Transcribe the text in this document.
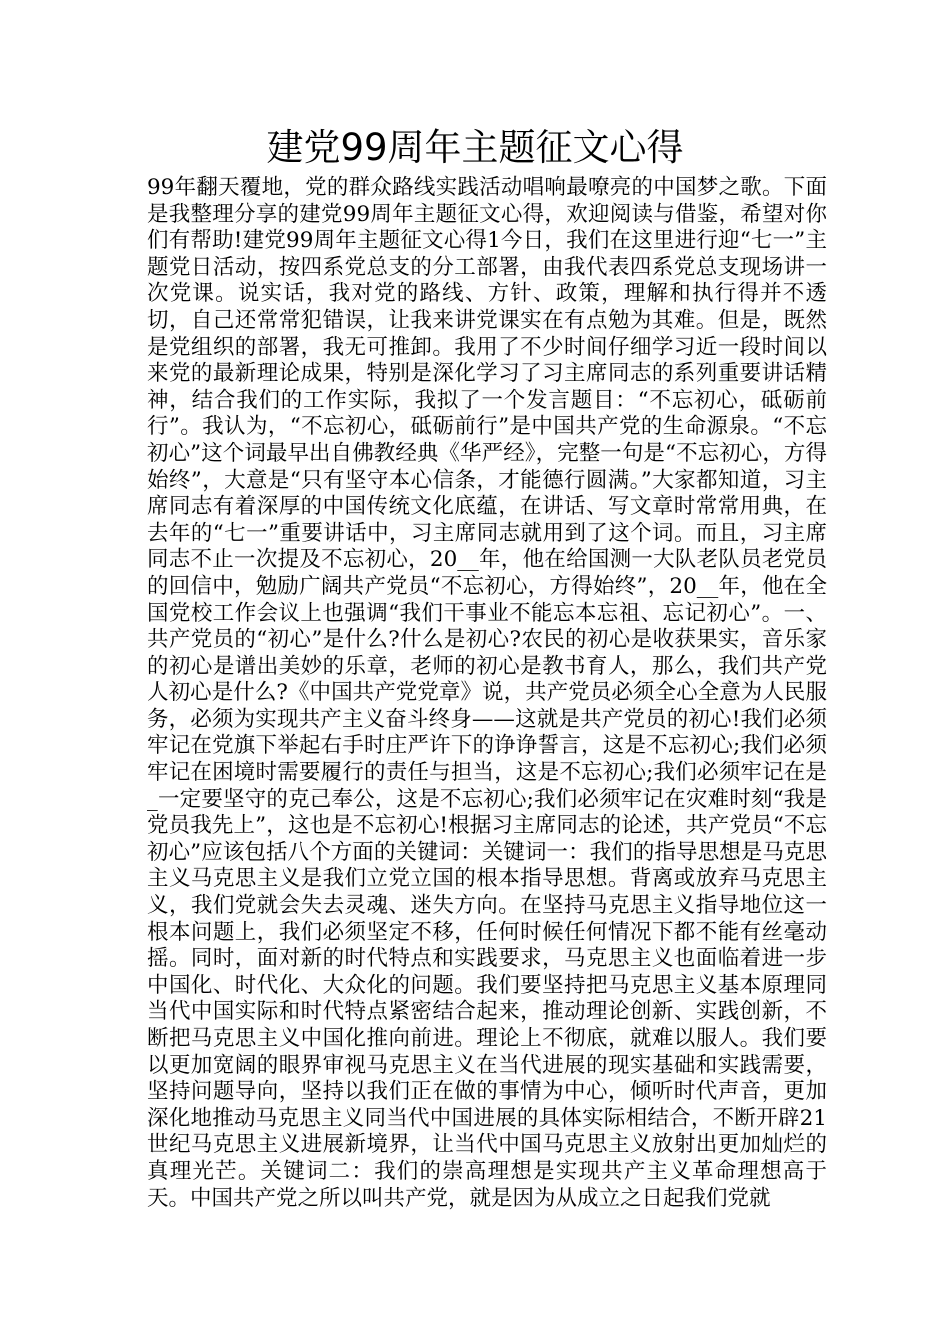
建党99周年主题征文心得

99年翻天覆地，党的群众路线实践活动唱响最嘹亮的中国梦之歌。下面是我整理分享的建党99周年主题征文心得，欢迎阅读与借鉴，希望对你们有帮助!建党99周年主题征文心得1今日，我们在这里进行迎“七一”主题党日活动，按四系党总支的分工部署，由我代表四系党总支现场讲一次党课。说实话，我对党的路线、方针、政策，理解和执行得并不透切，自己还常常犯错误，让我来讲党课实在有点勉为其难。但是，既然是党组织的部署，我无可推卸。我用了不少时间仔细学习近一段时间以来党的最新理论成果，特别是深化学习了习主席同志的系列重要讲话精神，结合我们的工作实际，我拟了一个发言题目：“不忘初心，砥砺前行”。我认为，“不忘初心，砥砺前行”是中国共产党的生命源泉。“不忘初心”这个词最早出自佛教经典《华严经》，完整一句是“不忘初心，方得始终”，大意是“只有坚守本心信条，才能德行圆满。”大家都知道，习主席同志有着深厚的中国传统文化底蕴，在讲话、写文章时常常用典，在去年的“七一”重要讲话中，习主席同志就用到了这个词。而且，习主席同志不止一次提及不忘初心，20__年，他在给国测一大队老队员老党员的回信中，勉励广阔共产党员“不忘初心，方得始终”，20__年，他在全国党校工作会议上也强调“我们干事业不能忘本忘祖、忘记初心”。一、共产党员的“初心”是什么?什么是初心?农民的初心是收获果实，音乐家的初心是谱出美妙的乐章，老师的初心是教书育人，那么，我们共产党人初心是什么?《中国共产党党章》说，共产党员必须全心全意为人民服务，必须为实现共产主义奋斗终身——这就是共产党员的初心!我们必须牢记在党旗下举起右手时庄严许下的诤诤誓言，这是不忘初心;我们必须牢记在困境时需要履行的责任与担当，这是不忘初心;我们必须牢记在是_一定要坚守的克己奉公，这是不忘初心;我们必须牢记在灾难时刻“我是党员我先上”，这也是不忘初心!根据习主席同志的论述，共产党员“不忘初心”应该包括八个方面的关键词：关键词一：我们的指导思想是马克思主义马克思主义是我们立党立国的根本指导思想。背离或放弃马克思主义，我们党就会失去灵魂、迷失方向。在坚持马克思主义指导地位这一根本问题上，我们必须坚定不移，任何时候任何情况下都不能有丝毫动摇。同时，面对新的时代特点和实践要求，马克思主义也面临着进一步中国化、时代化、大众化的问题。我们要坚持把马克思主义基本原理同当代中国实际和时代特点紧密结合起来，推动理论创新、实践创新，不断把马克思主义中国化推向前进。理论上不彻底，就难以服人。我们要以更加宽阔的眼界审视马克思主义在当代进展的现实基础和实践需要，坚持问题导向，坚持以我们正在做的事情为中心，倾听时代声音，更加深化地推动马克思主义同当代中国进展的具体实际相结合，不断开辟21世纪马克思主义进展新境界，让当代中国马克思主义放射出更加灿烂的真理光芒。关键词二：我们的崇高理想是实现共产主义革命理想高于天。中国共产党之所以叫共产党，就是因为从成立之日起我们党就
